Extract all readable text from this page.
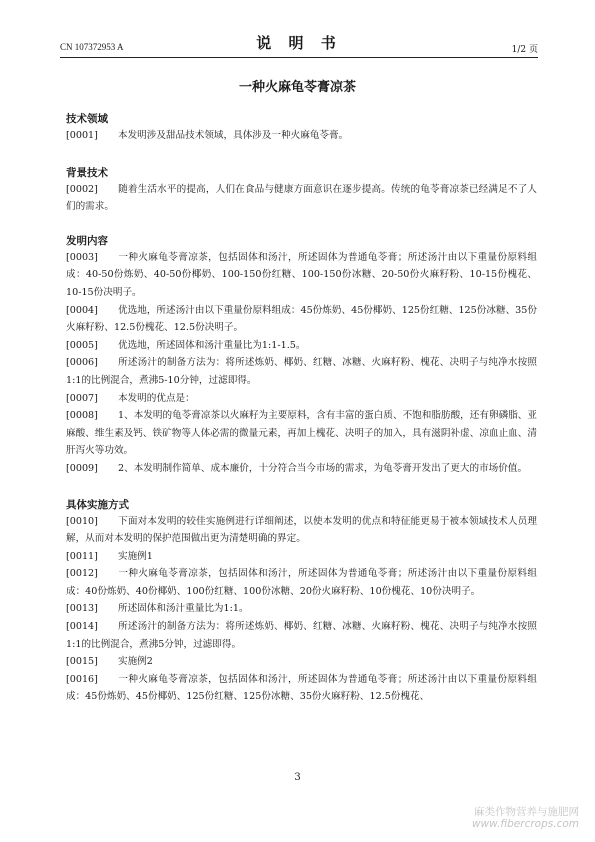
CN 107372953 A	说 明 书	1/2 页
一种火麻龟苓膏凉茶
技术领域
[0001] 本发明涉及甜品技术领域，具体涉及一种火麻龟苓膏。
背景技术
[0002] 随着生活水平的提高，人们在食品与健康方面意识在逐步提高。传统的龟苓膏凉茶已经满足不了人们的需求。
发明内容
[0003] 一种火麻龟苓膏凉茶，包括固体和汤汁，所述固体为普通龟苓膏；所述汤汁由以下重量份原料组成：40-50份炼奶、40-50份椰奶、100-150份红糖、100-150份冰糖、20-50份火麻籽粉、10-15份槐花、10-15份决明子。
[0004] 优选地，所述汤汁由以下重量份原料组成：45份炼奶、45份椰奶、125份红糖、125份冰糖、35份火麻籽粉、12.5份槐花、12.5份决明子。
[0005] 优选地，所述固体和汤汁重量比为1:1-1.5。
[0006] 所述汤汁的制备方法为：将所述炼奶、椰奶、红糖、冰糖、火麻籽粉、槐花、决明子与纯净水按照1:1的比例混合，煮沸5-10分钟，过滤即得。
[0007] 本发明的优点是：
[0008] 1、本发明的龟苓膏凉茶以火麻籽为主要原料，含有丰富的蛋白质、不饱和脂肪酸，还有卵磷脂、亚麻酸、维生素及钙、铁矿物等人体必需的微量元素，再加上槐花、决明子的加入，具有滋阴补虚、凉血止血、清肝泻火等功效。
[0009] 2、本发明制作简单、成本廉价，十分符合当今市场的需求，为龟苓膏开发出了更大的市场价值。
具体实施方式
[0010] 下面对本发明的较佳实施例进行详细阐述，以使本发明的优点和特征能更易于被本领域技术人员理解，从而对本发明的保护范围做出更为清楚明确的界定。
[0011] 实施例1
[0012] 一种火麻龟苓膏凉茶，包括固体和汤汁，所述固体为普通龟苓膏；所述汤汁由以下重量份原料组成：40份炼奶、40份椰奶、100份红糖、100份冰糖、20份火麻籽粉、10份槐花、10份决明子。
[0013] 所述固体和汤汁重量比为1:1。
[0014] 所述汤汁的制备方法为：将所述炼奶、椰奶、红糖、冰糖、火麻籽粉、槐花、决明子与纯净水按照1:1的比例混合，煮沸5分钟，过滤即得。
[0015] 实施例2
[0016] 一种火麻龟苓膏凉茶，包括固体和汤汁，所述固体为普通龟苓膏；所述汤汁由以下重量份原料组成：45份炼奶、45份椰奶、125份红糖、125份冰糖、35份火麻籽粉、12.5份槐花、
3
麻类作物营养与施肥网
www.fibercrops.com
